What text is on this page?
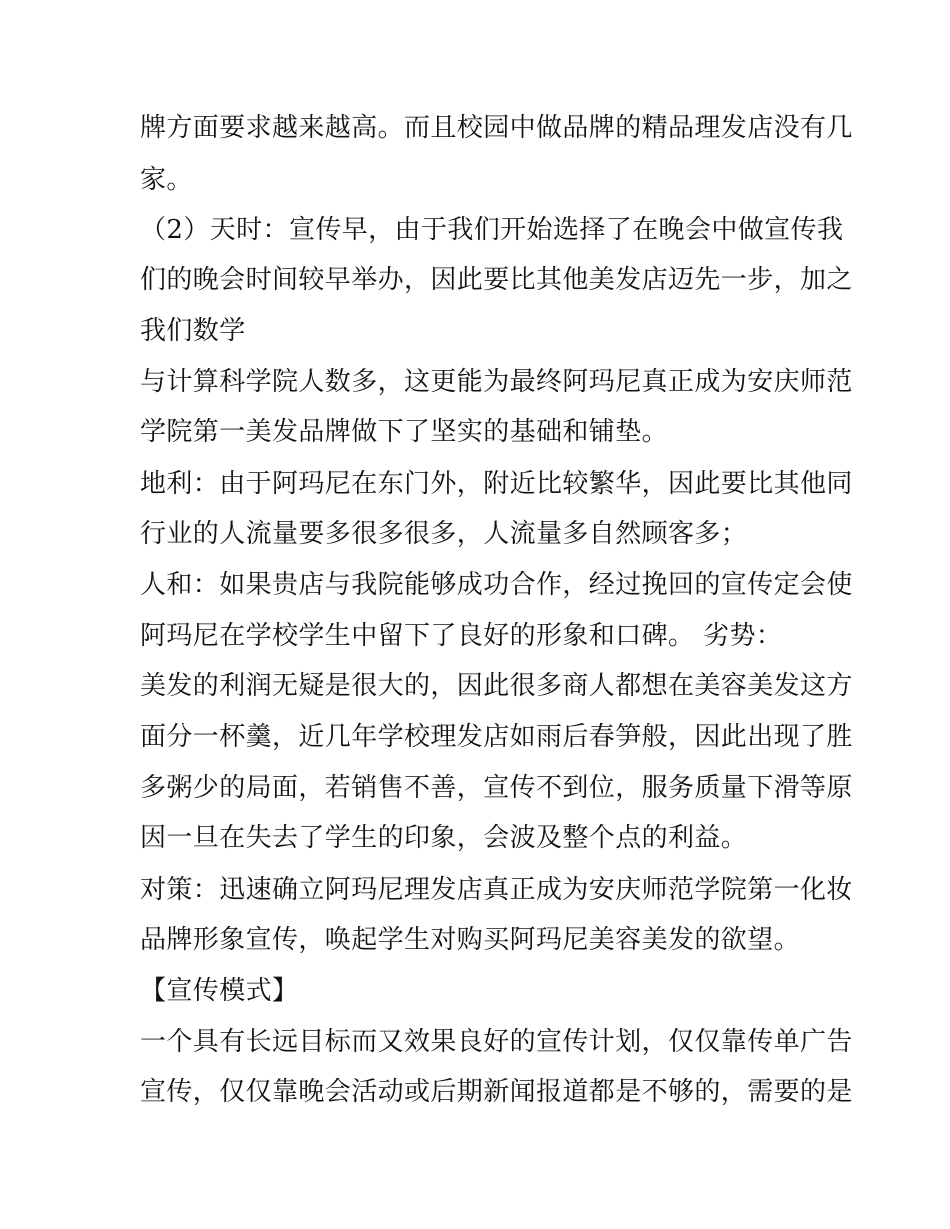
牌方面要求越来越高。而且校园中做品牌的精品理发店没有几
家。
（2）天时：宣传早，由于我们开始选择了在晚会中做宣传我
们的晚会时间较早举办，因此要比其他美发店迈先一步，加之
我们数学
与计算科学院人数多，这更能为最终阿玛尼真正成为安庆师范
学院第一美发品牌做下了坚实的基础和铺垫。
地利：由于阿玛尼在东门外，附近比较繁华，因此要比其他同
行业的人流量要多很多很多，人流量多自然顾客多；
人和：如果贵店与我院能够成功合作，经过挽回的宣传定会使
阿玛尼在学校学生中留下了良好的形象和口碑。 劣势：
美发的利润无疑是很大的，因此很多商人都想在美容美发这方
面分一杯羹，近几年学校理发店如雨后春笋般，因此出现了胜
多粥少的局面，若销售不善，宣传不到位，服务质量下滑等原
因一旦在失去了学生的印象，会波及整个点的利益。
对策：迅速确立阿玛尼理发店真正成为安庆师范学院第一化妆
品牌形象宣传，唤起学生对购买阿玛尼美容美发的欲望。
【宣传模式】
一个具有长远目标而又效果良好的宣传计划，仅仅靠传单广告
宣传，仅仅靠晚会活动或后期新闻报道都是不够的，需要的是
